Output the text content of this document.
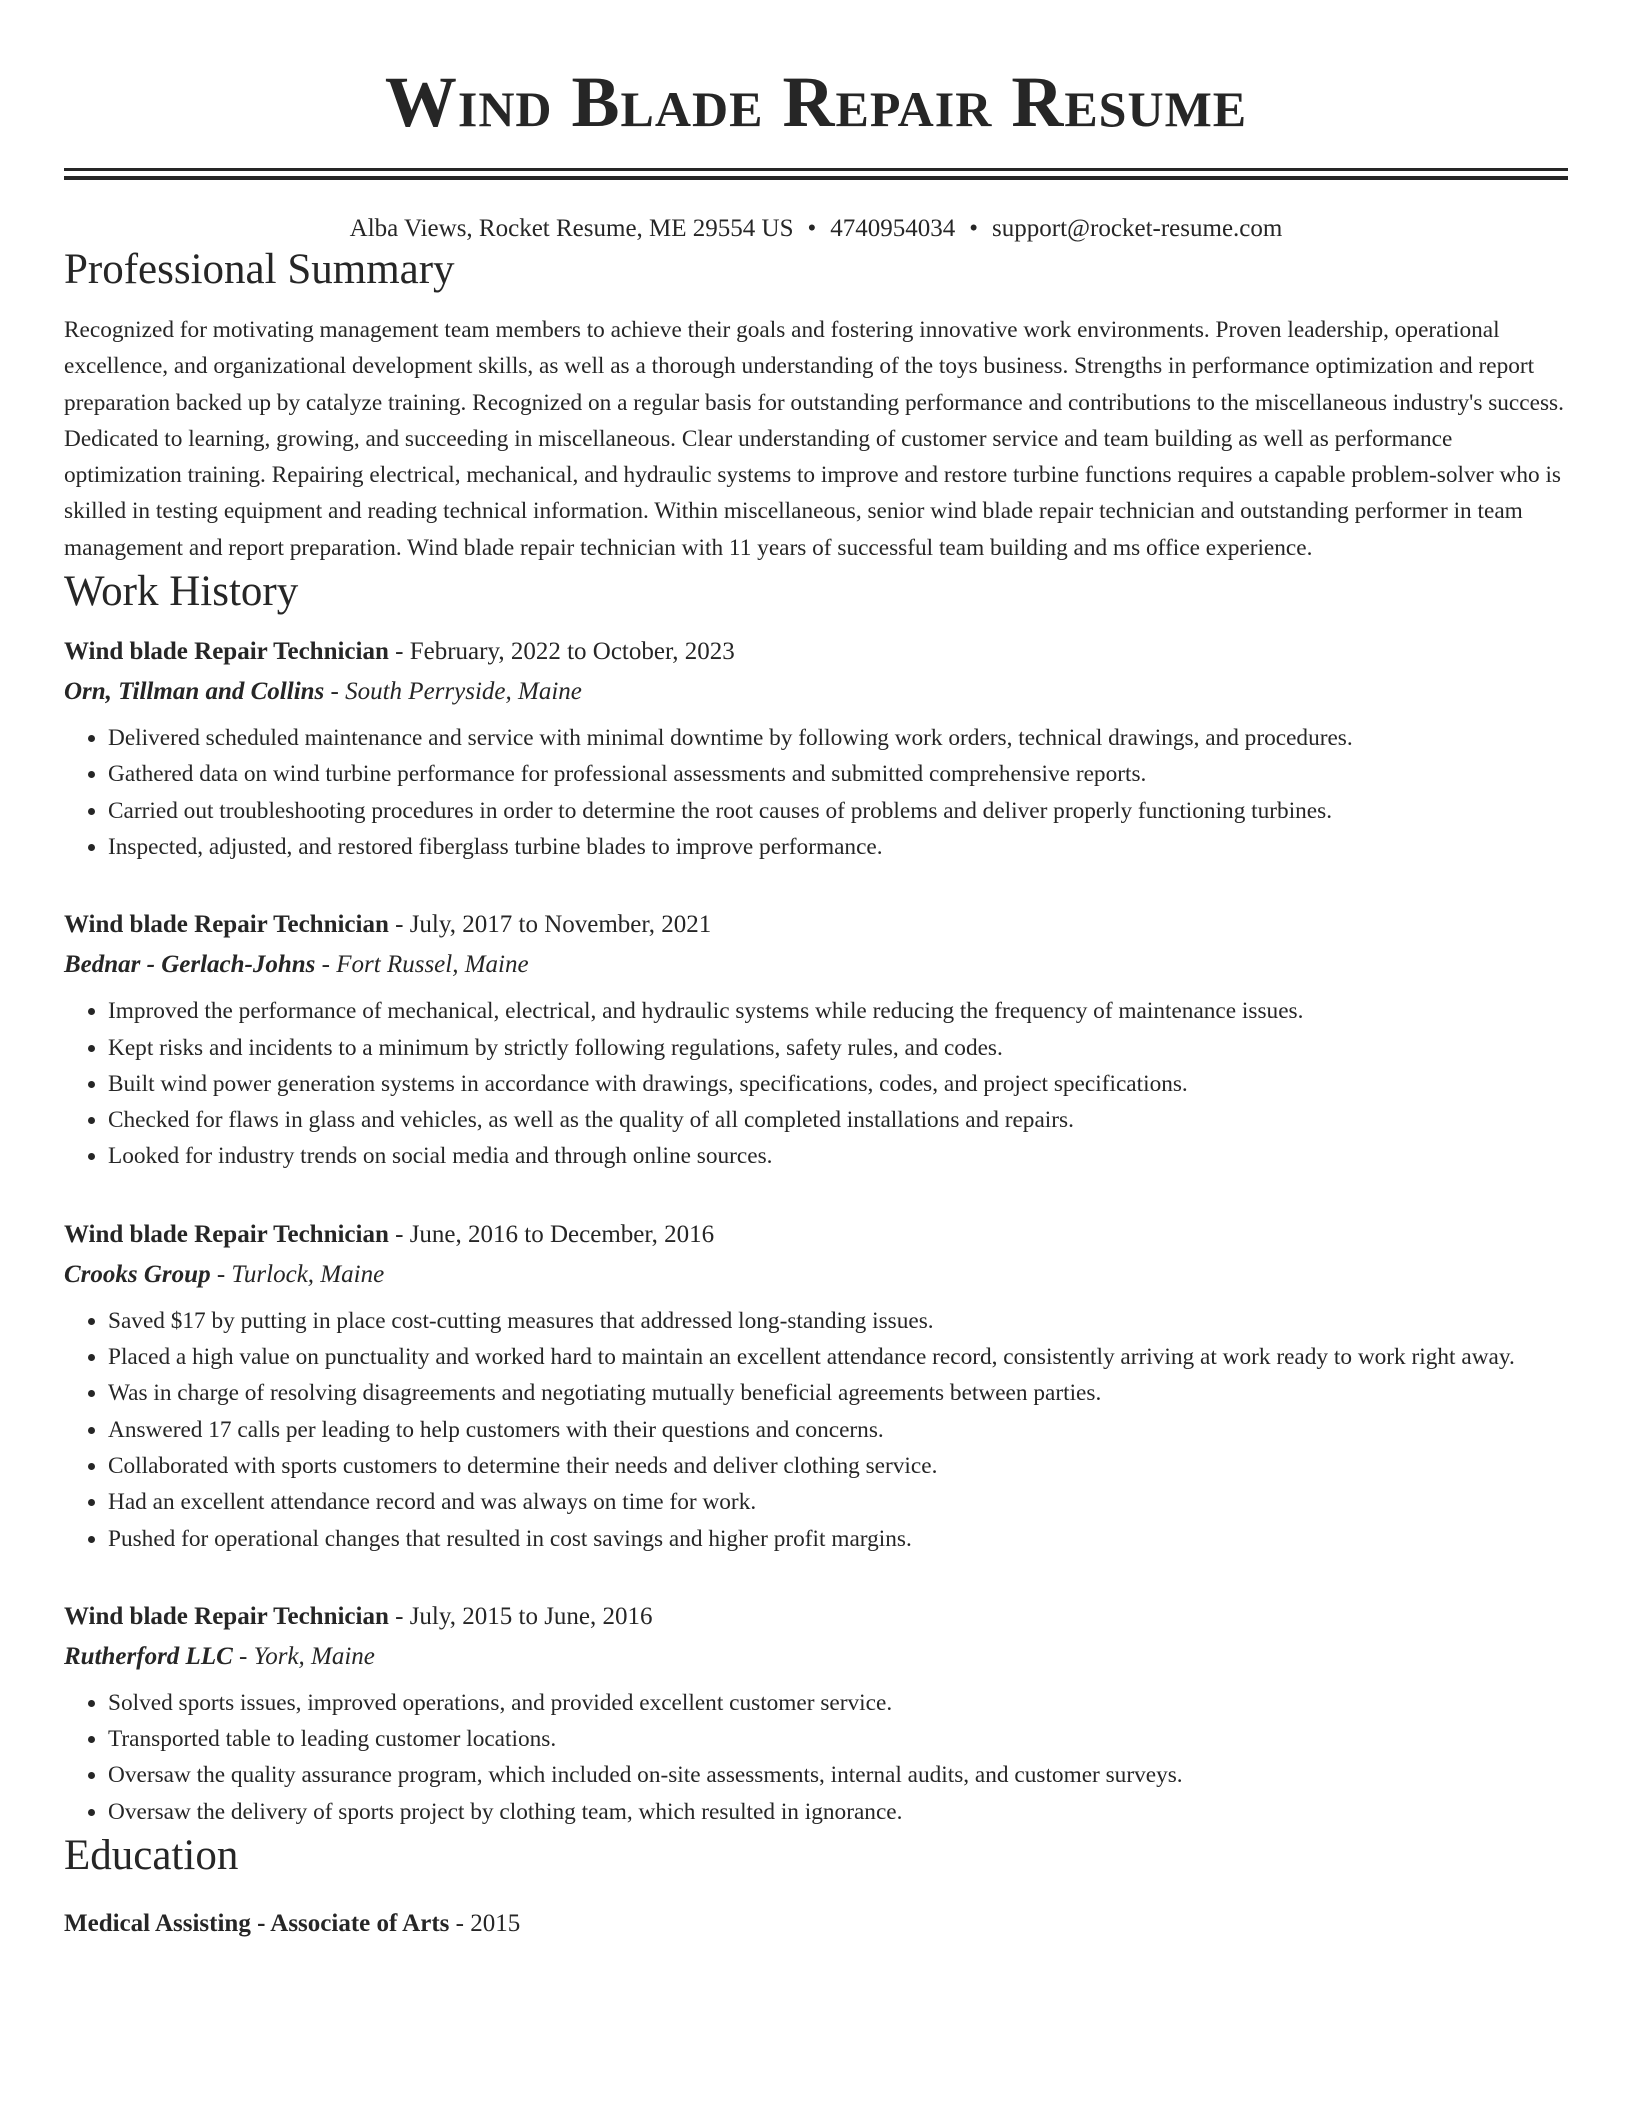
Wind Blade Repair Resume
Alba Views, Rocket Resume, ME 29554 US • 4740954034 • support@rocket-resume.com
Professional Summary

Recognized for motivating management team members to achieve their goals and fostering innovative work environments. Proven leadership, operational excellence, and organizational development skills, as well as a thorough understanding of the toys business. Strengths in performance optimization and report preparation backed up by catalyze training. Recognized on a regular basis for outstanding performance and contributions to the miscellaneous industry's success. Dedicated to learning, growing, and succeeding in miscellaneous. Clear understanding of customer service and team building as well as performance optimization training. Repairing electrical, mechanical, and hydraulic systems to improve and restore turbine functions requires a capable problem-solver who is skilled in testing equipment and reading technical information. Within miscellaneous, senior wind blade repair technician and outstanding performer in team management and report preparation. Wind blade repair technician with 11 years of successful team building and ms office experience.

Work History
Wind blade Repair Technician - February, 2022 to October, 2023
Orn, Tillman and Collins - South Perryside, Maine
• Delivered scheduled maintenance and service with minimal downtime by following work orders, technical drawings, and procedures.
• Gathered data on wind turbine performance for professional assessments and submitted comprehensive reports.
• Carried out troubleshooting procedures in order to determine the root causes of problems and deliver properly functioning turbines.
• Inspected, adjusted, and restored fiberglass turbine blades to improve performance.
Wind blade Repair Technician - July, 2017 to November, 2021
Bednar - Gerlach-Johns - Fort Russel, Maine
• Improved the performance of mechanical, electrical, and hydraulic systems while reducing the frequency of maintenance issues.
• Kept risks and incidents to a minimum by strictly following regulations, safety rules, and codes.
• Built wind power generation systems in accordance with drawings, specifications, codes, and project specifications.
• Checked for flaws in glass and vehicles, as well as the quality of all completed installations and repairs.
• Looked for industry trends on social media and through online sources.
Wind blade Repair Technician - June, 2016 to December, 2016
Crooks Group - Turlock, Maine
• Saved $17 by putting in place cost-cutting measures that addressed long-standing issues.
• Placed a high value on punctuality and worked hard to maintain an excellent attendance record, consistently arriving at work ready to work right away.
• Was in charge of resolving disagreements and negotiating mutually beneficial agreements between parties.
• Answered 17 calls per leading to help customers with their questions and concerns.
• Collaborated with sports customers to determine their needs and deliver clothing service.
• Had an excellent attendance record and was always on time for work.
• Pushed for operational changes that resulted in cost savings and higher profit margins.
Wind blade Repair Technician - July, 2015 to June, 2016
Rutherford LLC - York, Maine
• Solved sports issues, improved operations, and provided excellent customer service.
• Transported table to leading customer locations.
• Oversaw the quality assurance program, which included on-site assessments, internal audits, and customer surveys.
• Oversaw the delivery of sports project by clothing team, which resulted in ignorance.
Education
Medical Assisting - Associate of Arts - 2015
